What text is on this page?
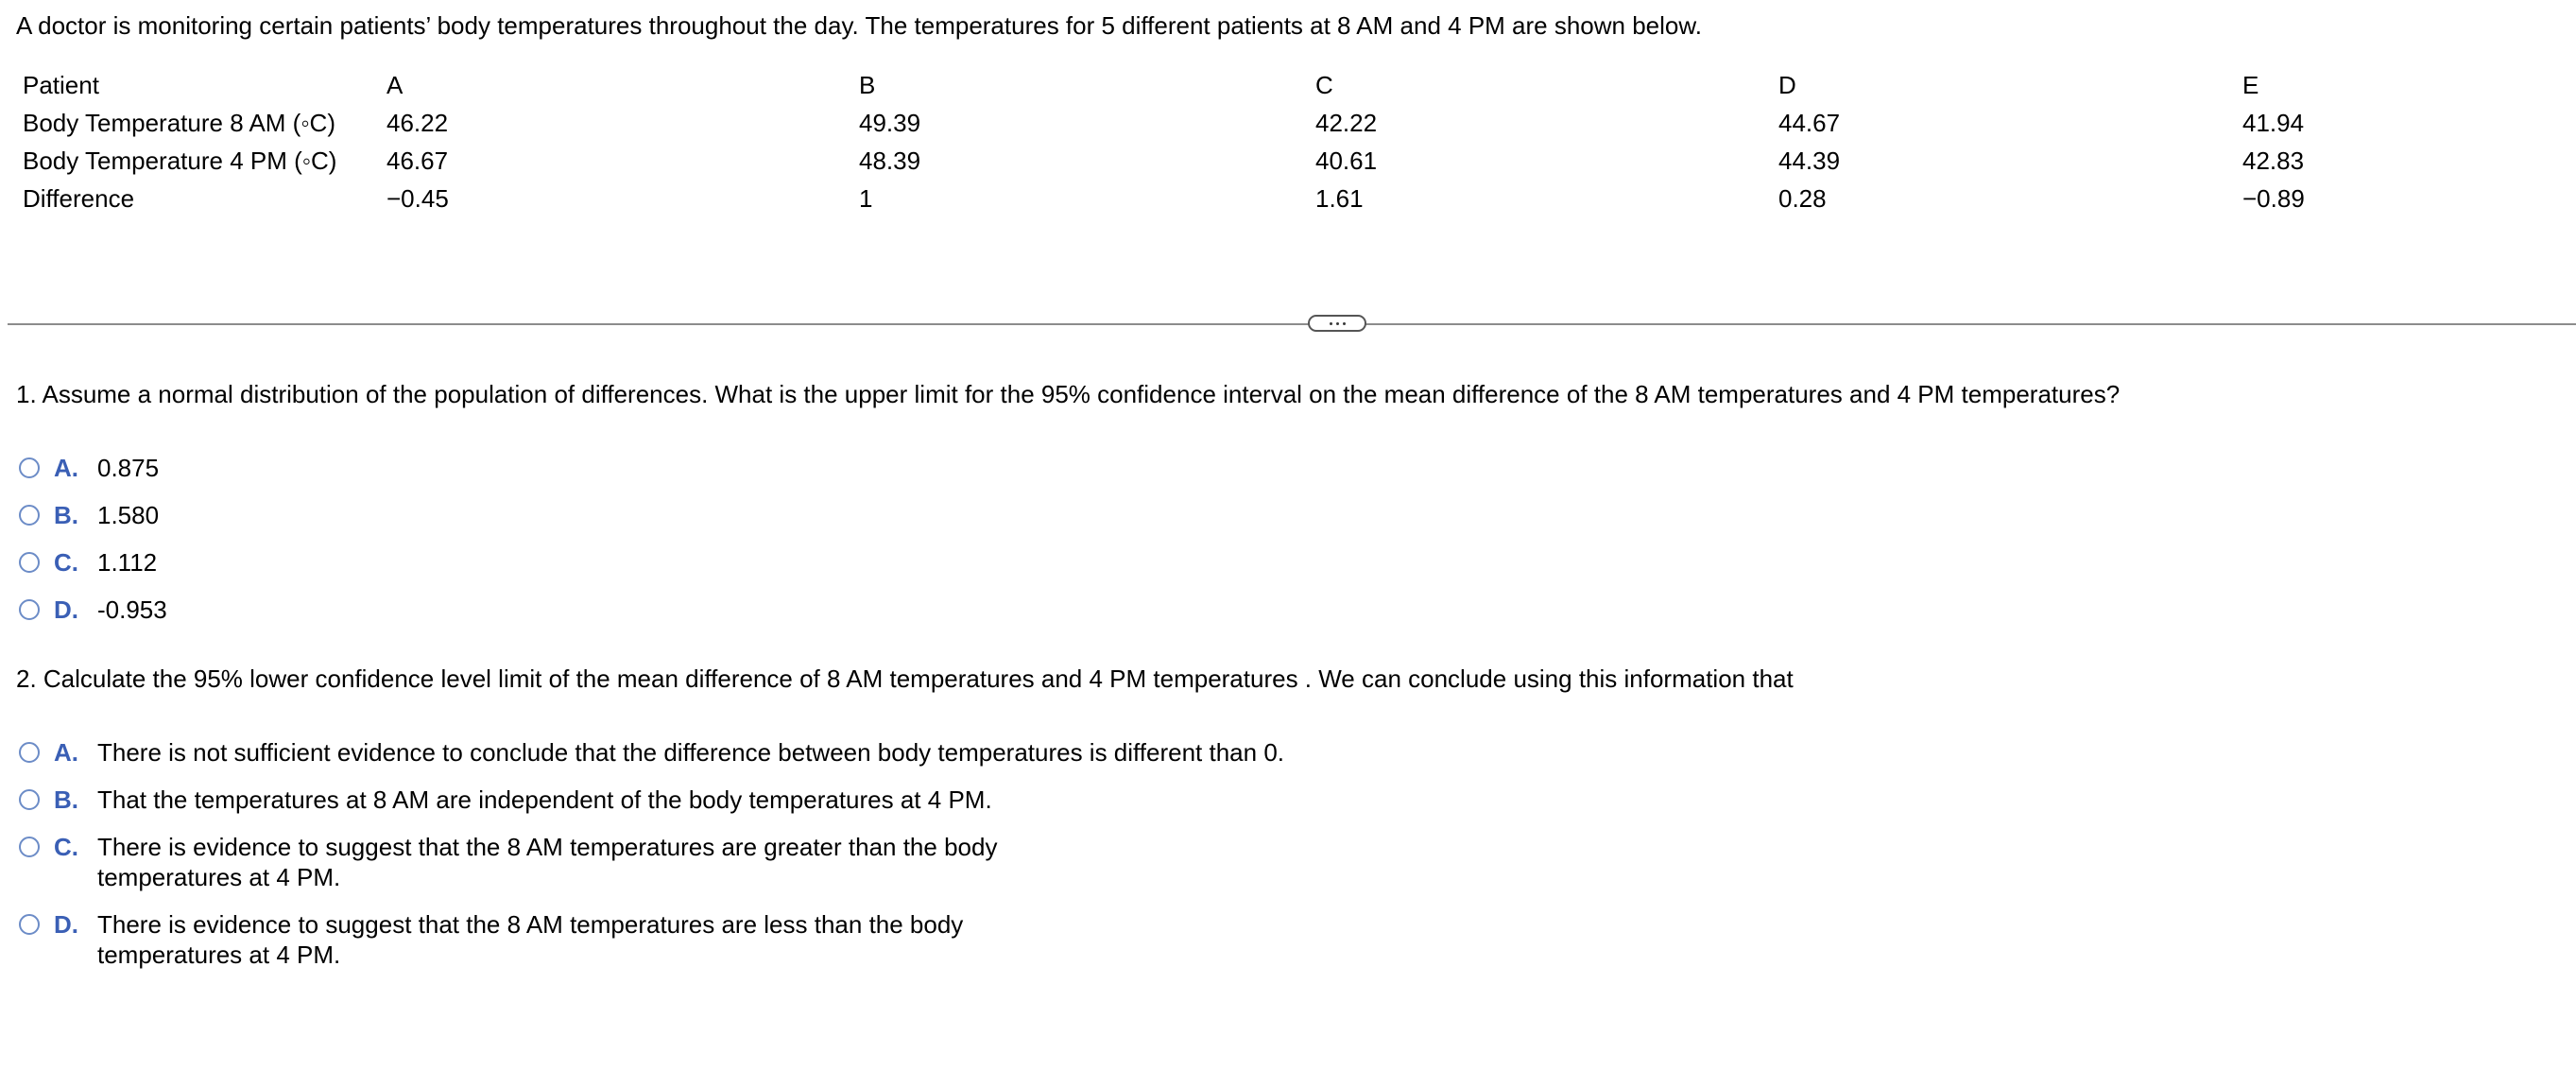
A doctor is monitoring certain patients’ body temperatures throughout the day. The temperatures for 5 different patients at 8 AM and 4 PM are shown below.
Patient	A	B	C	D	E
Body Temperature 8 AM (◦C)	46.22	49.39	42.22	44.67	41.94
Body Temperature 4 PM (◦C)	46.67	48.39	40.61	44.39	42.83
Difference	−0.45	1	1.61	0.28	−0.89
1. Assume a normal distribution of the population of differences. What is the upper limit for the 95% confidence interval on the mean difference of the 8 AM temperatures and 4 PM temperatures?
A. 0.875
B. 1.580
C. 1.112
D. -0.953
2. Calculate the 95% lower confidence level limit of the mean difference of 8 AM temperatures and 4 PM temperatures . We can conclude using this information that
A. There is not sufficient evidence to conclude that the difference between body temperatures is different than 0.
B. That the temperatures at 8 AM are independent of the body temperatures at 4 PM.
C. There is evidence to suggest that the 8 AM temperatures are greater than the body temperatures at 4 PM.
D. There is evidence to suggest that the 8 AM temperatures are less than the body temperatures at 4 PM.
